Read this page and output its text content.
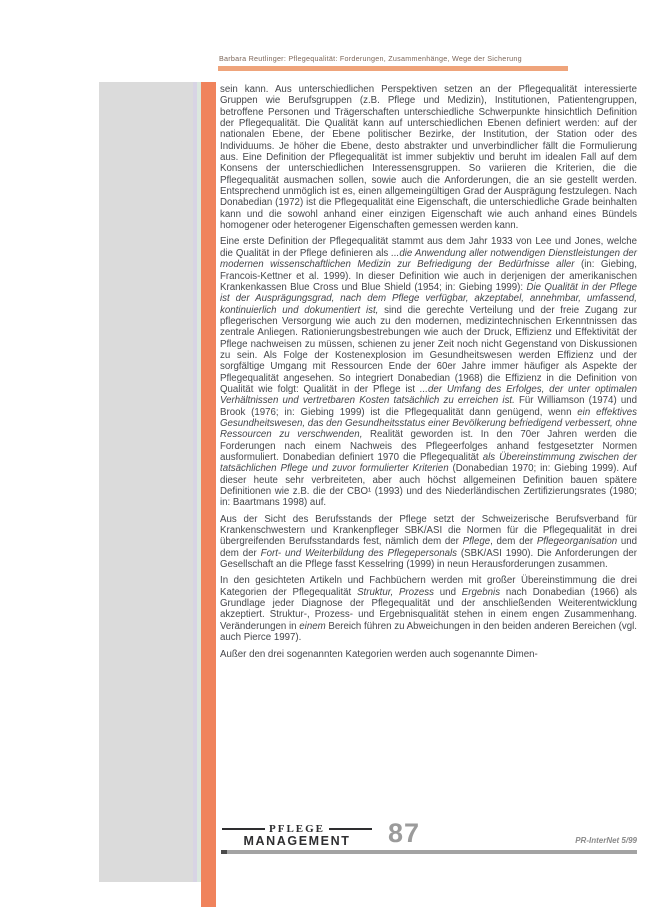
Barbara Reutlinger: Pflegequalität: Forderungen, Zusammenhänge, Wege der Sicherung

sein kann. Aus unterschiedlichen Perspektiven setzen an der Pflegequalität interessierte Gruppen wie Berufsgruppen (z.B. Pflege und Medizin), Institutionen, Patientengruppen, betroffene Personen und Trägerschaften unterschiedliche Schwerpunkte hinsichtlich Definition der Pflegequalität. Die Qualität kann auf unterschiedlichen Ebenen definiert werden: auf der nationalen Ebene, der Ebene politischer Bezirke, der Institution, der Station oder des Individuums. Je höher die Ebene, desto abstrakter und unverbindlicher fällt die Formulierung aus. Eine Definition der Pflegequalität ist immer subjektiv und beruht im idealen Fall auf dem Konsens der unterschiedlichen Interessensgruppen. So variieren die Kriterien, die die Pflegequalität ausmachen sollen, sowie auch die Anforderungen, die an sie gestellt werden. Entsprechend unmöglich ist es, einen allgemeingültigen Grad der Ausprägung festzulegen. Nach Donabedian (1972) ist die Pflegequalität eine Eigenschaft, die unterschiedliche Grade beinhalten kann und die sowohl anhand einer einzigen Eigenschaft wie auch anhand eines Bündels homogener oder heterogener Eigenschaften gemessen werden kann.

Eine erste Definition der Pflegequalität stammt aus dem Jahr 1933 von Lee und Jones, welche die Qualität in der Pflege definieren als ...die Anwendung aller notwendigen Dienstleistungen der modernen wissenschaftlichen Medizin zur Befriedigung der Bedürfnisse aller (in: Giebing, Francois-Kettner et al. 1999). In dieser Definition wie auch in derjenigen der amerikanischen Krankenkassen Blue Cross und Blue Shield (1954; in: Giebing 1999): Die Qualität in der Pflege ist der Ausprägungsgrad, nach dem Pflege verfügbar, akzeptabel, annehmbar, umfassend, kontinuierlich und dokumentiert ist, sind die gerechte Verteilung und der freie Zugang zur pflegerischen Versorgung wie auch zu den modernen, medizintechnischen Erkenntnissen das zentrale Anliegen. Rationierungsbestrebungen wie auch der Druck, Effizienz und Effektivität der Pflege nachweisen zu müssen, schienen zu jener Zeit noch nicht Gegenstand von Diskussionen zu sein. Als Folge der Kostenexplosion im Gesundheitswesen werden Effizienz und der sorgfältige Umgang mit Ressourcen Ende der 60er Jahre immer häufiger als Aspekte der Pflegequalität angesehen. So integriert Donabedian (1968) die Effizienz in die Definition von Qualität wie folgt: Qualität in der Pflege ist ...der Umfang des Erfolges, der unter optimalen Verhältnissen und vertretbaren Kosten tatsächlich zu erreichen ist. Für Williamson (1974) und Brook (1976; in: Giebing 1999) ist die Pflegequalität dann genügend, wenn ein effektives Gesundheitswesen, das den Gesundheitsstatus einer Bevölkerung befriedigend verbessert, ohne Ressourcen zu verschwenden, Realität geworden ist. In den 70er Jahren werden die Forderungen nach einem Nachweis des Pflegeerfolges anhand festgesetzter Normen ausformuliert. Donabedian definiert 1970 die Pflegequalität als Übereinstimmung zwischen der tatsächlichen Pflege und zuvor formulierter Kriterien (Donabedian 1970; in: Giebing 1999). Auf dieser heute sehr verbreiteten, aber auch höchst allgemeinen Definition bauen spätere Definitionen wie z.B. die der CBO¹ (1993) und des Niederländischen Zertifizierungsrates (1980; in: Baartmans 1998) auf.

Aus der Sicht des Berufsstands der Pflege setzt der Schweizerische Berufsverband für Krankenschwestern und Krankenpfleger SBK/ASI die Normen für die Pflegequalität in drei übergreifenden Berufsstandards fest, nämlich dem der Pflege, dem der Pflegeorganisation und dem der Fort- und Weiterbildung des Pflegepersonals (SBK/ASI 1990). Die Anforderungen der Gesellschaft an die Pflege fasst Kesselring (1999) in neun Herausforderungen zusammen.

In den gesichteten Artikeln und Fachbüchern werden mit großer Übereinstimmung die drei Kategorien der Pflegequalität Struktur, Prozess und Ergebnis nach Donabedian (1966) als Grundlage jeder Diagnose der Pflegequalität und der anschließenden Weiterentwicklung akzeptiert. Struktur-, Prozess- und Ergebnisqualität stehen in einem engen Zusammenhang. Veränderungen in einem Bereich führen zu Abweichungen in den beiden anderen Bereichen (vgl. auch Pierce 1997).

Außer den drei sogenannten Kategorien werden auch sogenannte Dimen-

PFLEGE
MANAGEMENT	87	PR-InterNet 5/99
